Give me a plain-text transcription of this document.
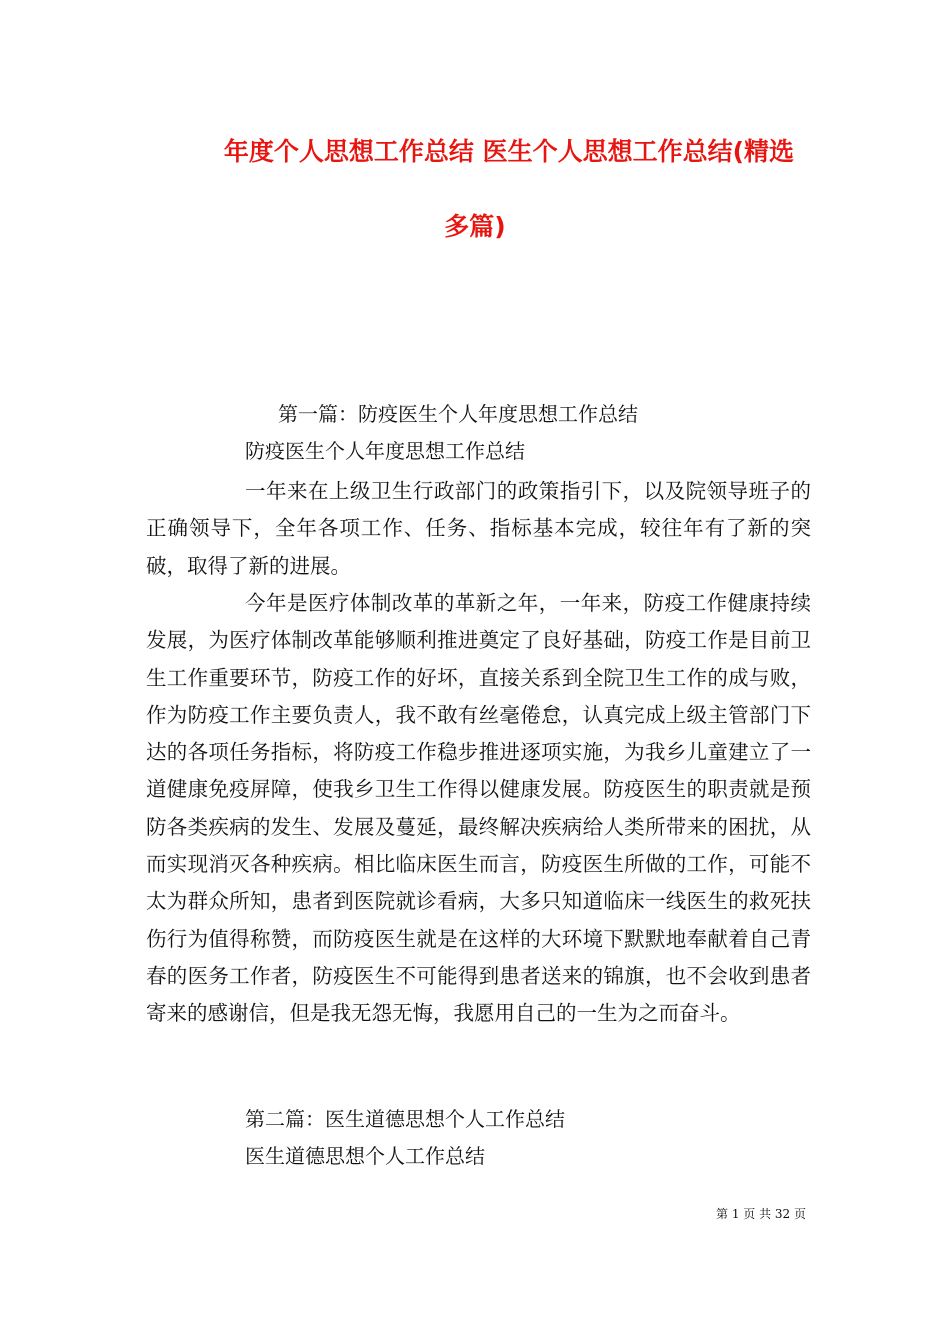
年度个人思想工作总结 医生个人思想工作总结(精选
多篇)
第一篇：防疫医生个人年度思想工作总结
防疫医生个人年度思想工作总结

一年来在上级卫生行政部门的政策指引下，以及院领导班子的正确领导下，全年各项工作、任务、指标基本完成，较往年有了新的突破，取得了新的进展。

今年是医疗体制改革的革新之年，一年来，防疫工作健康持续发展，为医疗体制改革能够顺利推进奠定了良好基础，防疫工作是目前卫生工作重要环节，防疫工作的好坏，直接关系到全院卫生工作的成与败，作为防疫工作主要负责人，我不敢有丝毫倦怠，认真完成上级主管部门下达的各项任务指标，将防疫工作稳步推进逐项实施，为我乡儿童建立了一道健康免疫屏障，使我乡卫生工作得以健康发展。防疫医生的职责就是预防各类疾病的发生、发展及蔓延，最终解决疾病给人类所带来的困扰，从而实现消灭各种疾病。相比临床医生而言，防疫医生所做的工作，可能不太为群众所知，患者到医院就诊看病，大多只知道临床一线医生的救死扶伤行为值得称赞，而防疫医生就是在这样的大环境下默默地奉献着自己青春的医务工作者，防疫医生不可能得到患者送来的锦旗，也不会收到患者寄来的感谢信，但是我无怨无悔，我愿用自己的一生为之而奋斗。

第二篇：医生道德思想个人工作总结
医生道德思想个人工作总结
第 1 页 共 32 页
